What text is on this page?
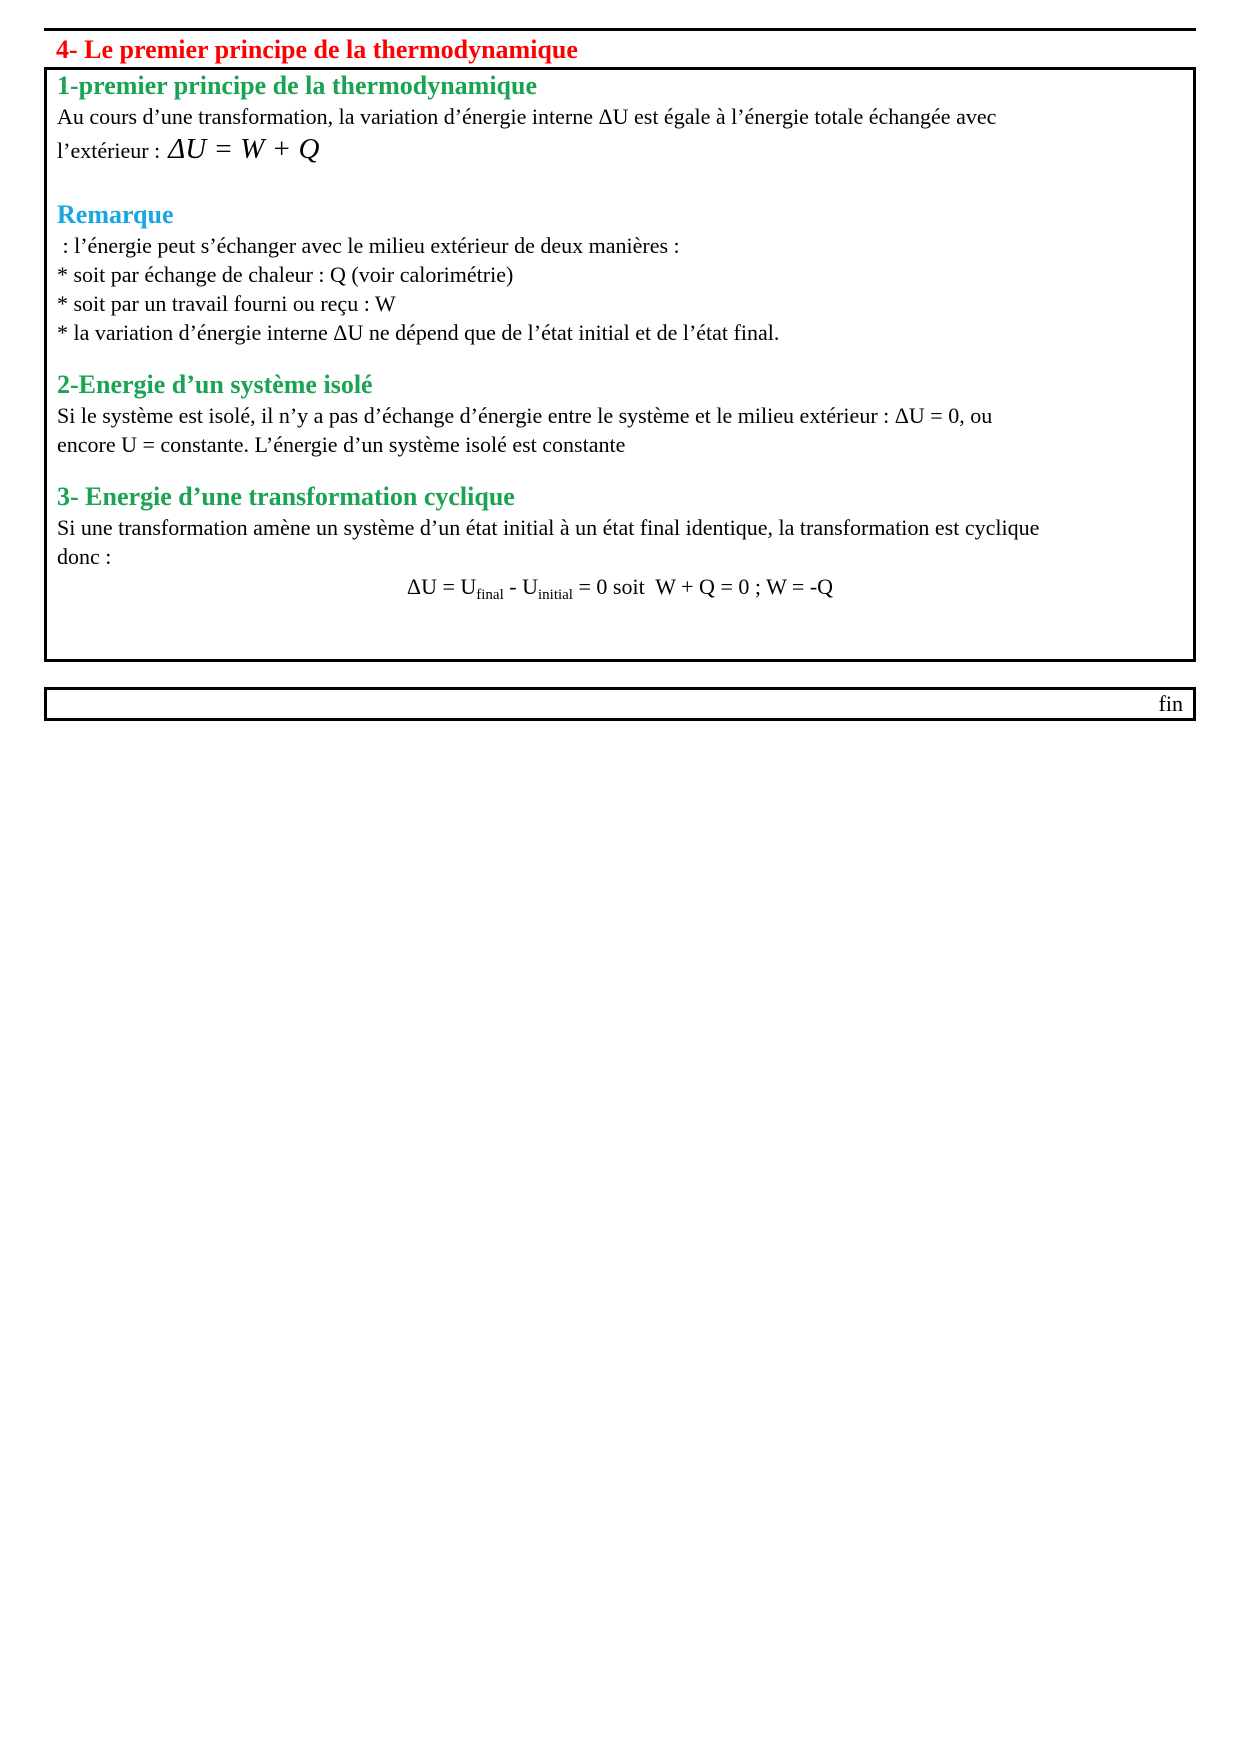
4- Le premier principe de la thermodynamique

1-premier principe de la thermodynamique

Au cours d’une transformation, la variation d’énergie interne ΔU est égale à l’énergie totale échangée avec

l’extérieur : ΔU = W + Q

Remarque

: l’énergie peut s’échanger avec le milieu extérieur de deux manières :

* soit par échange de chaleur : Q (voir calorimétrie)

* soit par un travail fourni ou reçu : W

* la variation d’énergie interne ΔU ne dépend que de l’état initial et de l’état final.

2-Energie d’un système isolé

Si le système est isolé, il n’y a pas d’échange d’énergie entre le système et le milieu extérieur : ΔU = 0, ou

encore U = constante. L’énergie d’un système isolé est constante

3- Energie d’une transformation cyclique

Si une transformation amène un système d’un état initial à un état final identique, la transformation est cyclique

donc :

$\Delta U = U_{final} - U_{initial} = 0$ soit  W + Q = 0 ; W = -Q
fin
